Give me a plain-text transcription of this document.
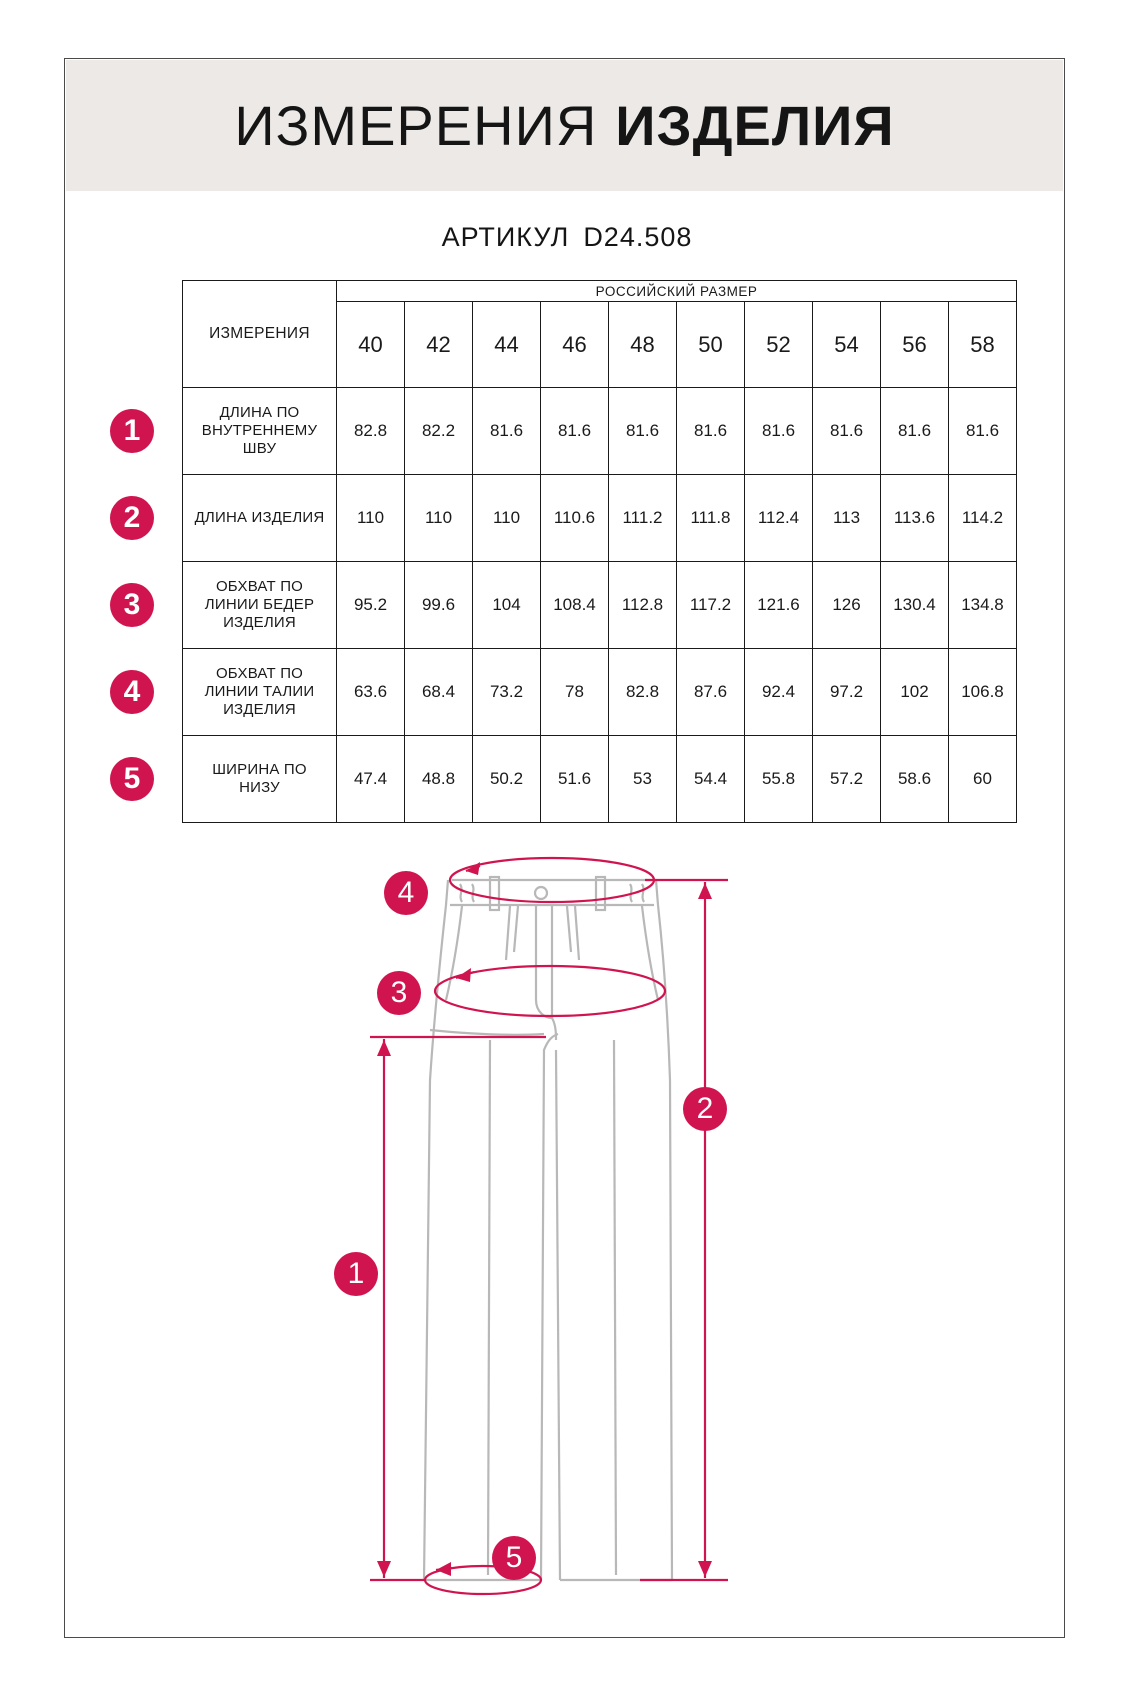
ИЗМЕРЕНИЯ ИЗДЕЛИЯ
АРТИКУЛ D24.508
ИЗМЕРЕНИЯ	РОССИЙСКИЙ РАЗМЕР									
	40	42	44	46	48	50	52	54	56	58

ДЛИНА ПО
ВНУТРЕННЕМУ
ШВУ	82.8	82.2	81.6	81.6	81.6	81.6	81.6	81.6	81.6	81.6

ДЛИНА ИЗДЕЛИЯ	110	110	110	110.6	111.2	111.8	112.4	113	113.6	114.2

ОБХВАТ ПО
ЛИНИИ БЕДЕР
ИЗДЕЛИЯ	95.2	99.6	104	108.4	112.8	117.2	121.6	126	130.4	134.8

ОБХВАТ ПО
ЛИНИИ ТАЛИИ
ИЗДЕЛИЯ	63.6	68.4	73.2	78	82.8	87.6	92.4	97.2	102	106.8

ШИРИНА ПО
НИЗУ	47.4	48.8	50.2	51.6	53	54.4	55.8	57.2	58.6	60
1
2
3
4
5
4
3
2
1
5
